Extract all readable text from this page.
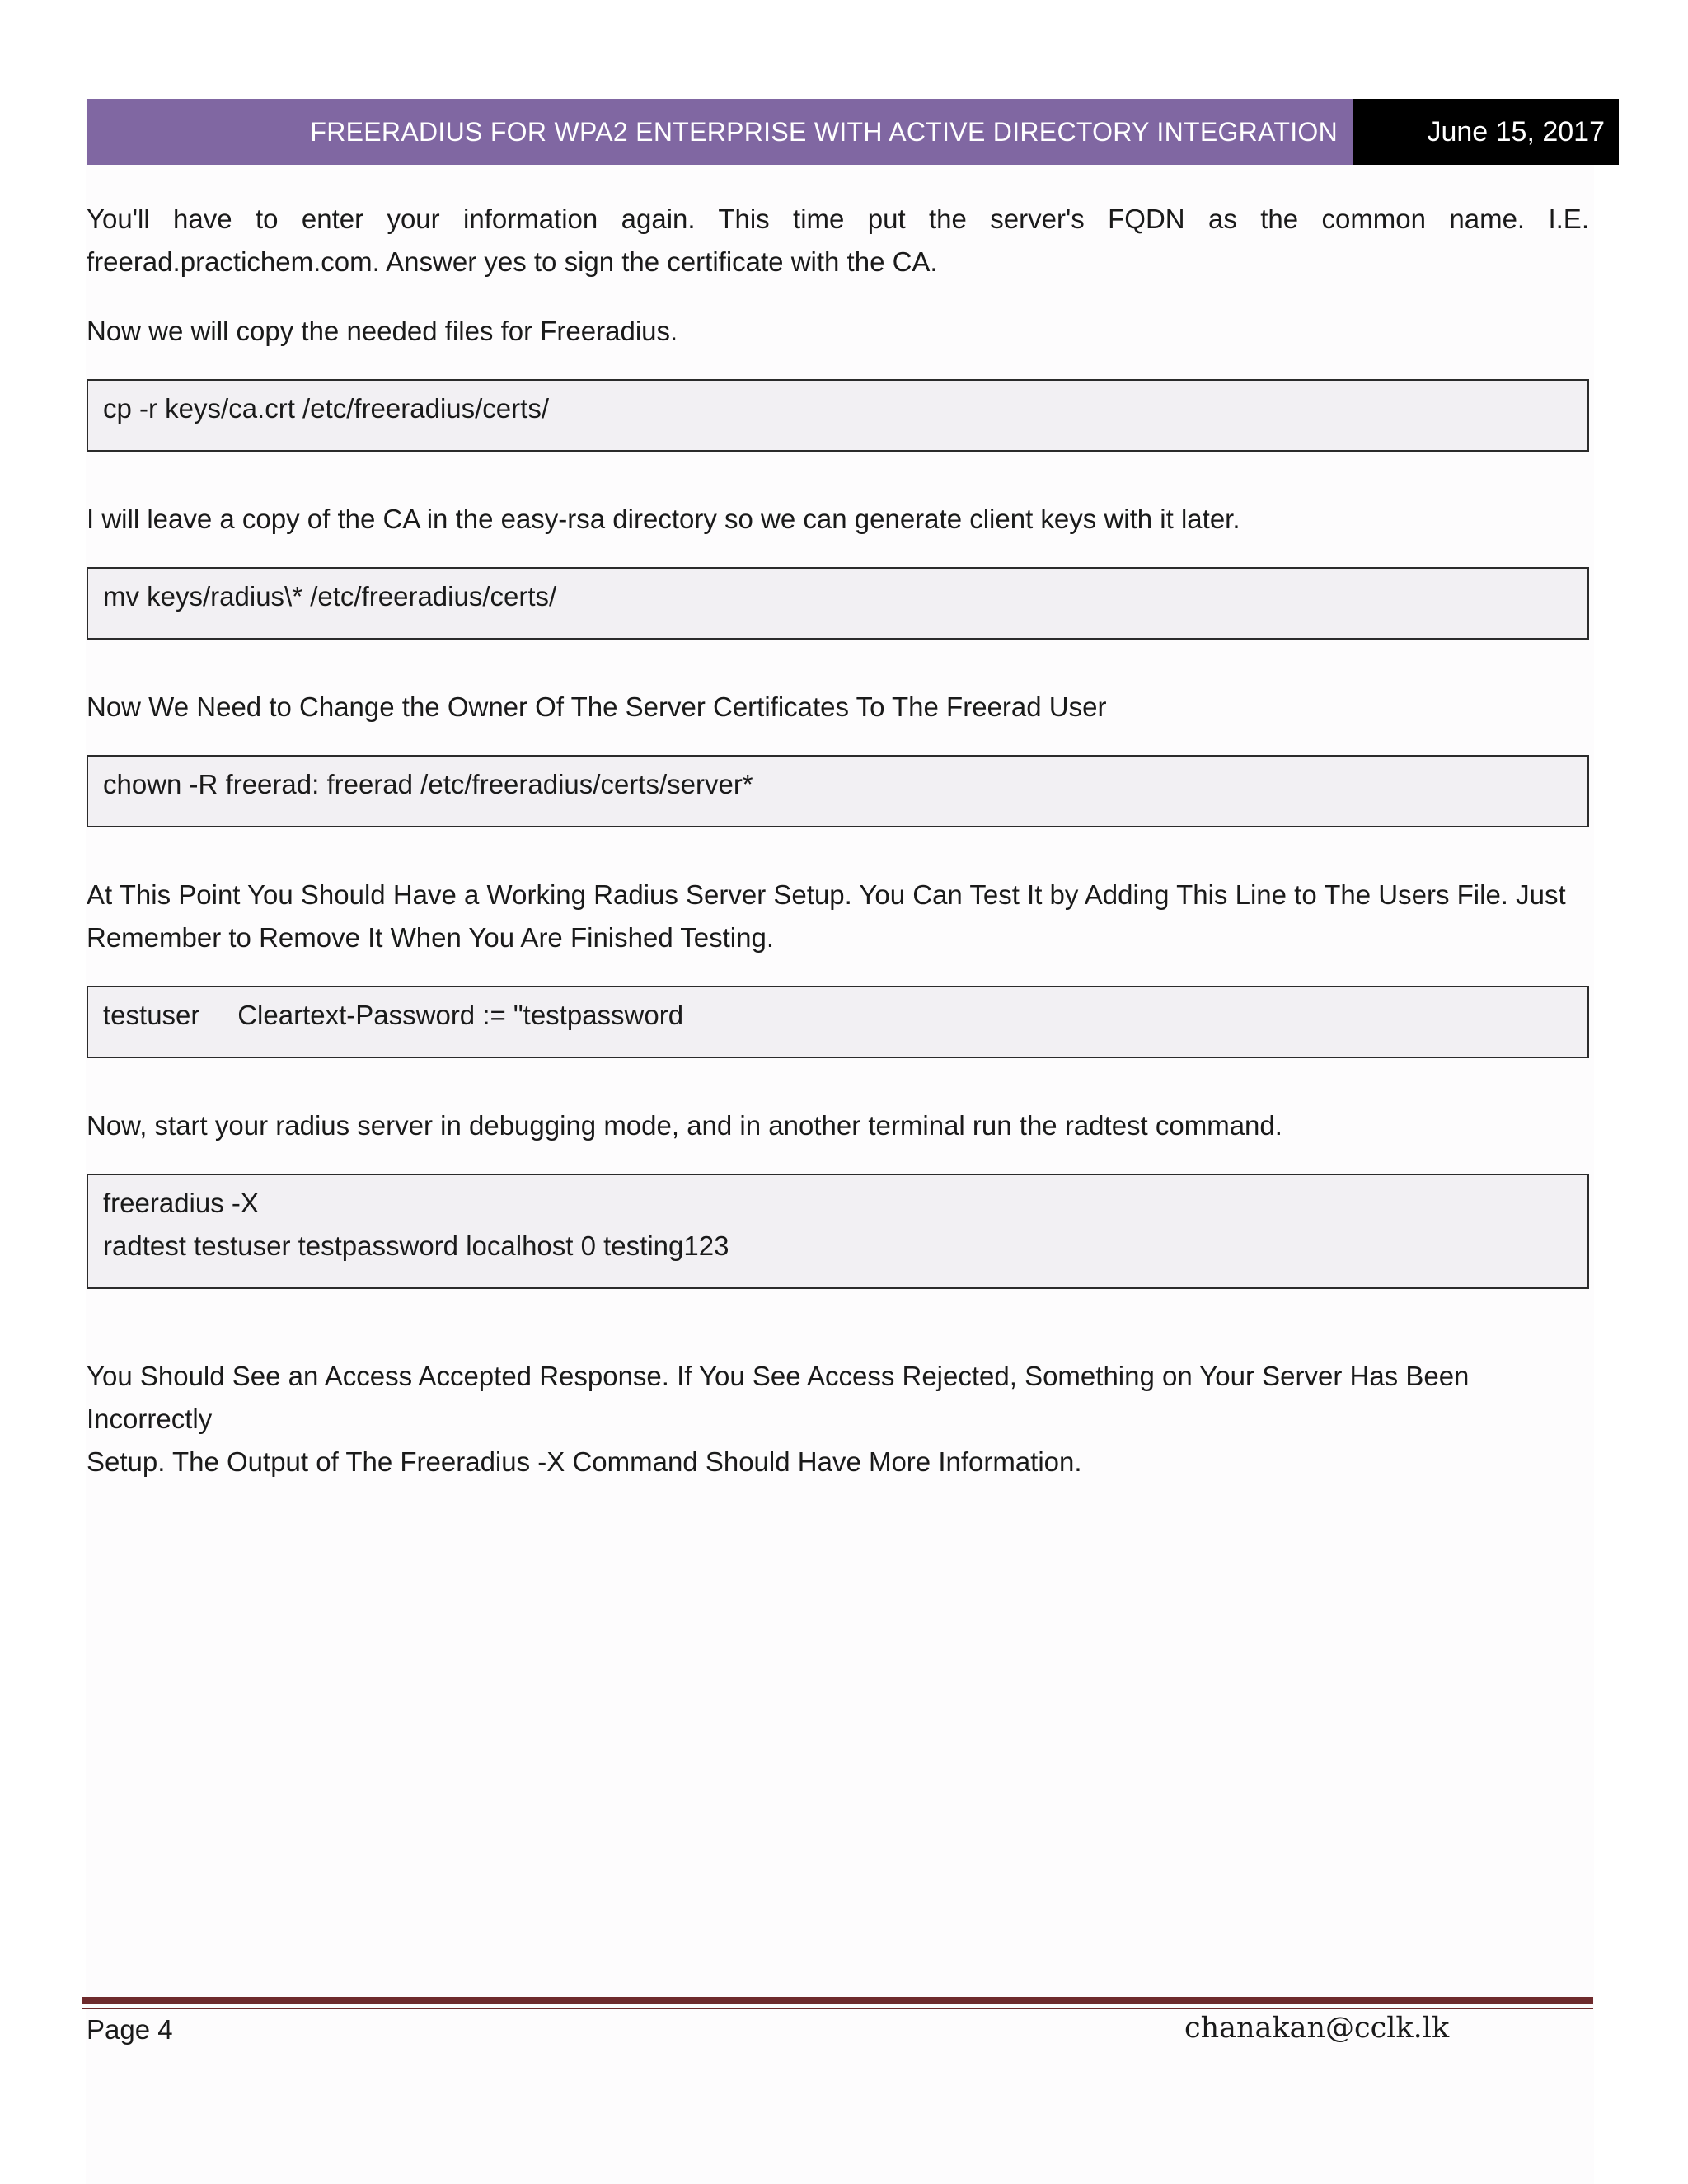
FREERADIUS FOR WPA2 ENTERPRISE WITH ACTIVE DIRECTORY INTEGRATION	June 15, 2017

You'll have to enter your information again. This time put the server's FQDN as the common name. I.E.
freerad.practichem.com. Answer yes to sign the certificate with the CA.

Now we will copy the needed files for Freeradius.

cp -r keys/ca.crt /etc/freeradius/certs/

I will leave a copy of the CA in the easy-rsa directory so we can generate client keys with it later.

mv keys/radius\* /etc/freeradius/certs/

Now We Need to Change the Owner Of The Server Certificates To The Freerad User

chown -R freerad: freerad /etc/freeradius/certs/server*

At This Point You Should Have a Working Radius Server Setup. You Can Test It by Adding This Line to The Users File. Just
Remember to Remove It When You Are Finished Testing.

testuser     Cleartext-Password := "testpassword

Now, start your radius server in debugging mode, and in another terminal run the radtest command.

freeradius -X
radtest testuser testpassword localhost 0 testing123

You Should See an Access Accepted Response. If You See Access Rejected, Something on Your Server Has Been Incorrectly
Setup. The Output of The Freeradius -X Command Should Have More Information.

Page 4	chanakan@cclk.lk
